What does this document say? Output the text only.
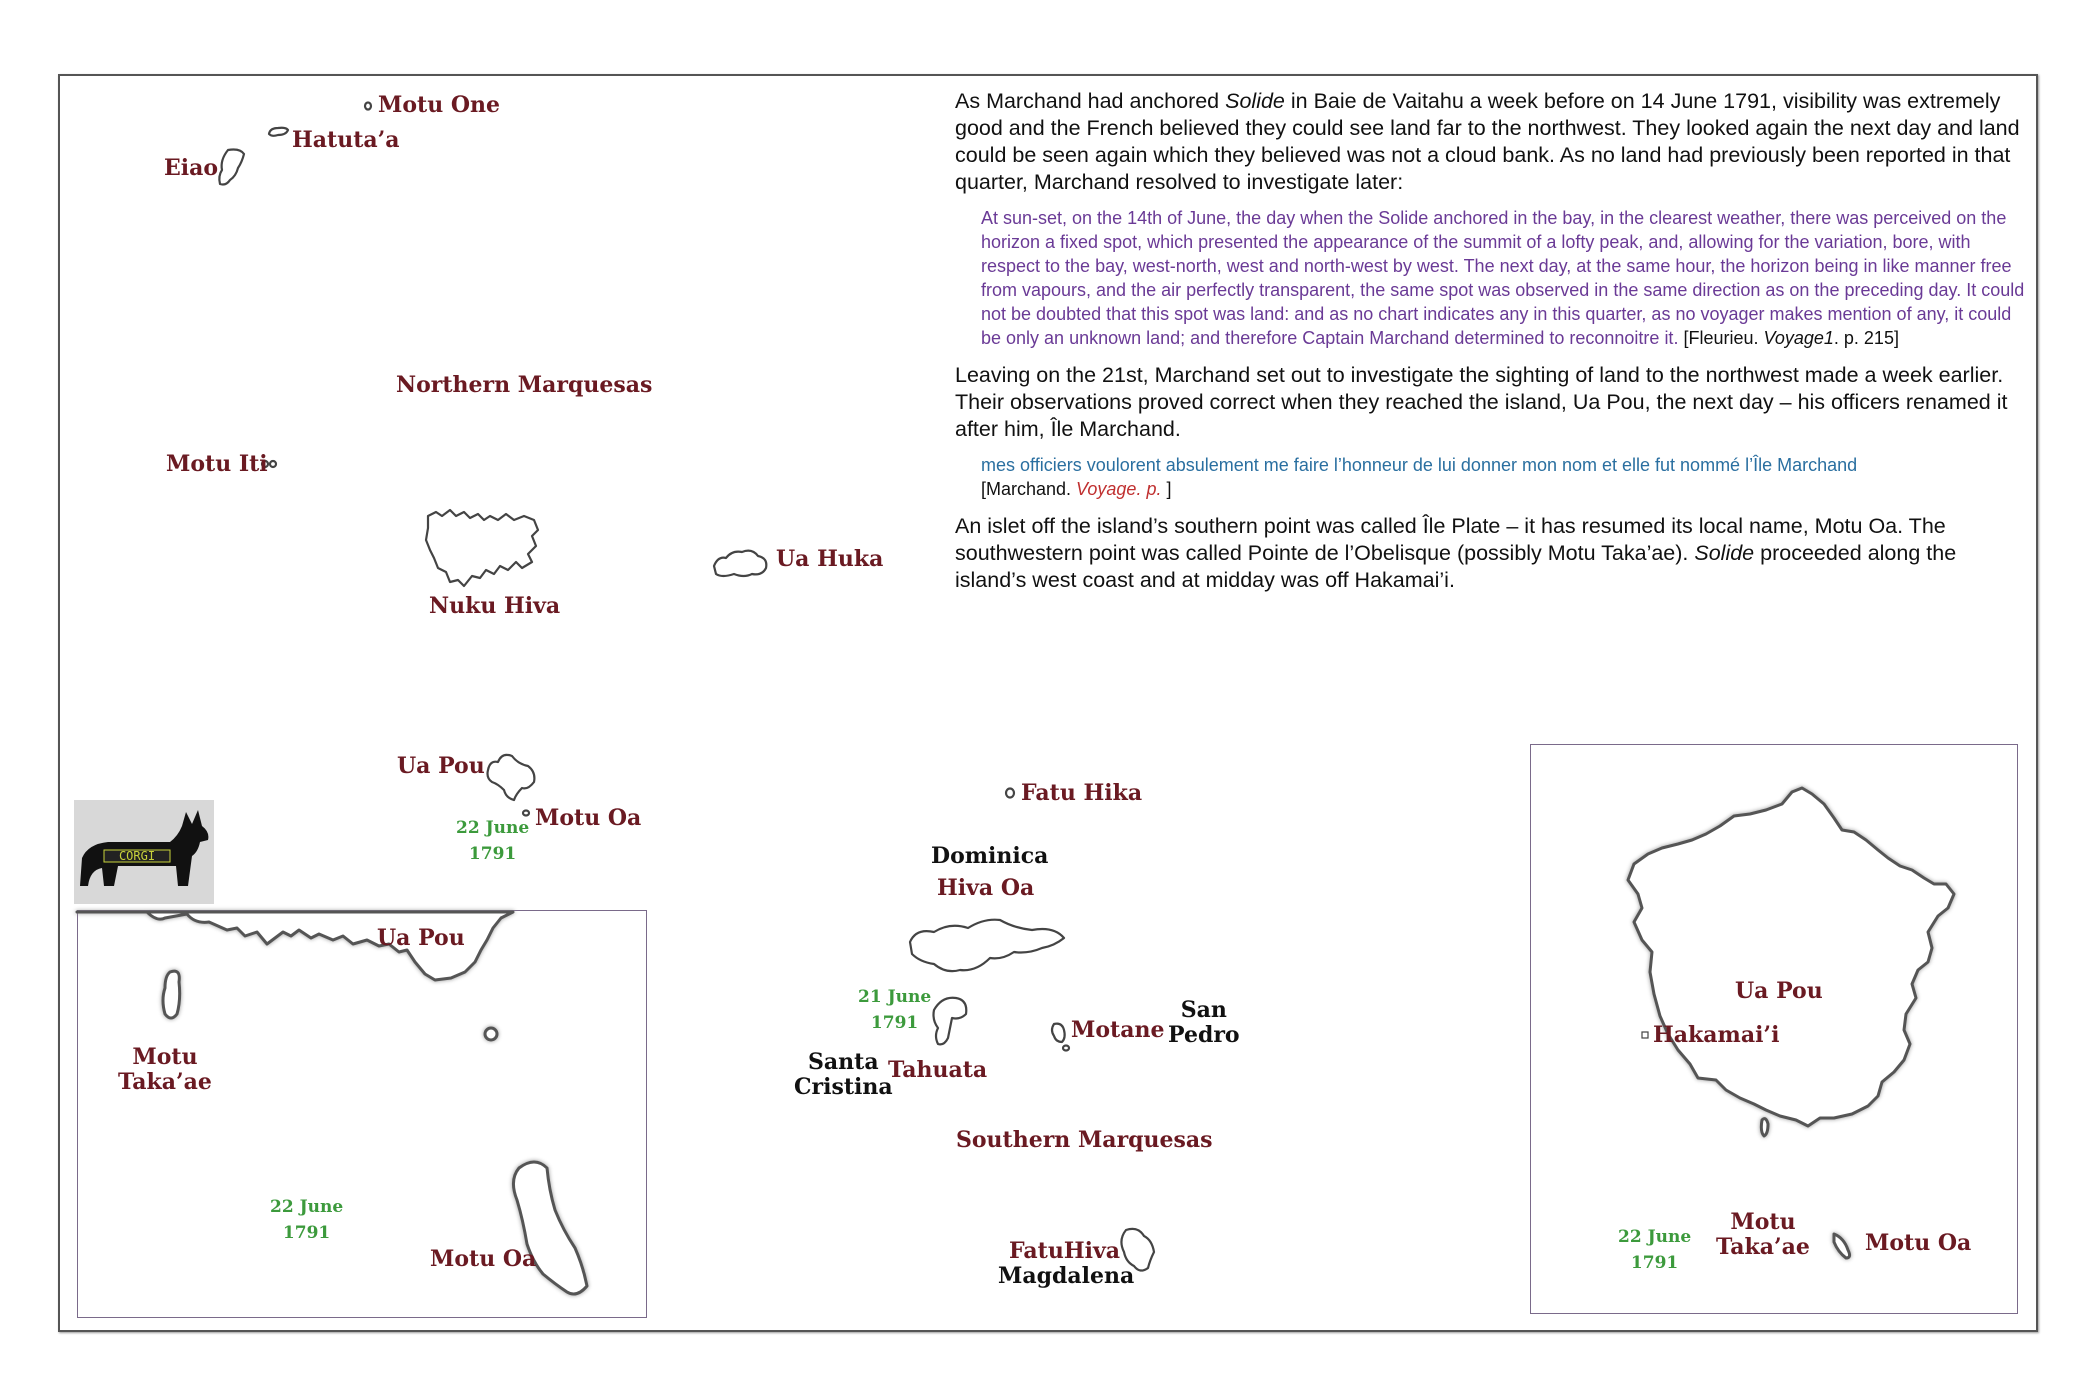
As Marchand had anchored Solide in Baie de Vaitahu a week before on 14 June 1791, visibility was extremely good and the French believed they could see land far to the northwest. They looked again the next day and land could be seen again which they believed was not a cloud bank. As no land had previously been reported in that quarter, Marchand resolved to investigate later:

At sun-set, on the 14th of June, the day when the Solide anchored in the bay, in the clearest weather, there was perceived on the horizon a fixed spot, which presented the appearance of the summit of a lofty peak, and, allowing for the variation, bore, with respect to the bay, west-north, west and north-west by west. The next day, at the same hour, the horizon being in like manner free from vapours, and the air perfectly transparent, the same spot was observed in the same direction as on the preceding day. It could not be doubted that this spot was land: and as no chart indicates any in this quarter, as no voyager makes mention of any, it could be only an unknown land; and therefore Captain Marchand determined to reconnoitre it. [Fleurieu. Voyage1. p. 215]

Leaving on the 21st, Marchand set out to investigate the sighting of land to the northwest made a week earlier. Their observations proved correct when they reached the island, Ua Pou, the next day – his officers renamed it after him, Île Marchand.

mes officiers voulorent absulement me faire l’honneur de lui donner mon nom et elle fut nommé l’Île Marchand
[Marchand. Voyage. p. ]

An islet off the island’s southern point was called Île Plate – it has resumed its local name, Motu Oa. The southwestern point was called Pointe de l’Obelisque (possibly Motu Taka’ae). Solide proceeded along the island’s west coast and at midday was off Hakamai’i.

Motu One
Hatuta’a
Eiao
Northern Marquesas
Motu Iti
Nuku Hiva
Ua Huka
Ua Pou
Motu Oa
22 June
1791
Fatu Hika
Dominica
Hiva Oa
21 June
1791
Santa
Cristina
Tahuata
Motane
San
Pedro
Southern Marquesas
FatuHiva
Magdalena
CORGI
Ua Pou
Motu
Taka’ae
22 June
1791
Motu Oa
Ua Pou
Hakamai’i
Motu
Taka’ae
22 June
1791
Motu Oa
